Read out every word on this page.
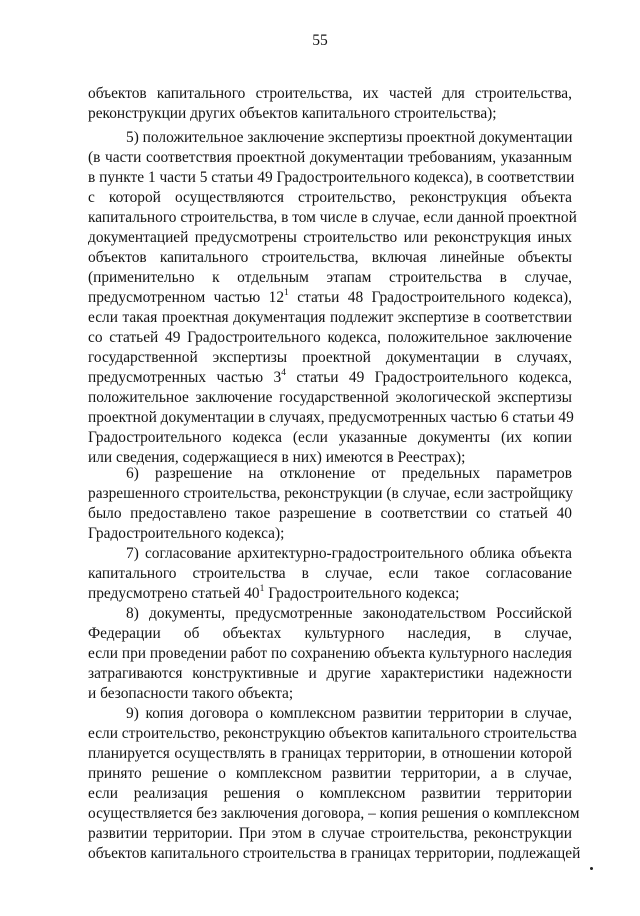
55
объектов капитального строительства, их частей для строительства,
реконструкции других объектов капитального строительства);
5) положительное заключение экспертизы проектной документации
(в части соответствия проектной документации требованиям, указанным
в пункте 1 части 5 статьи 49 Градостроительного кодекса), в соответствии
с которой осуществляются строительство, реконструкция объекта
капитального строительства, в том числе в случае, если данной проектной
документацией предусмотрены строительство или реконструкция иных
объектов капитального строительства, включая линейные объекты
(применительно к отдельным этапам строительства в случае,
предусмотренном частью $12^1$ статьи 48 Градостроительного кодекса),
если такая проектная документация подлежит экспертизе в соответствии
со статьей 49 Градостроительного кодекса, положительное заключение
государственной экспертизы проектной документации в случаях,
предусмотренных частью $3^4$ статьи 49 Градостроительного кодекса,
положительное заключение государственной экологической экспертизы
проектной документации в случаях, предусмотренных частью 6 статьи 49
Градостроительного кодекса (если указанные документы (их копии
или сведения, содержащиеся в них) имеются в Реестрах);
6) разрешение на отклонение от предельных параметров
разрешенного строительства, реконструкции (в случае, если застройщику
было предоставлено такое разрешение в соответствии со статьей 40
Градостроительного кодекса);
7) согласование архитектурно-градостроительного облика объекта
капитального строительства в случае, если такое согласование
предусмотрено статьей $40^1$ Градостроительного кодекса;
8) документы, предусмотренные законодательством Российской
Федерации об объектах культурного наследия, в случае,
если при проведении работ по сохранению объекта культурного наследия
затрагиваются конструктивные и другие характеристики надежности
и безопасности такого объекта;
9) копия договора о комплексном развитии территории в случае,
если строительство, реконструкцию объектов капитального строительства
планируется осуществлять в границах территории, в отношении которой
принято решение о комплексном развитии территории, а в случае,
если реализация решения о комплексном развитии территории
осуществляется без заключения договора, – копия решения о комплексном
развитии территории. При этом в случае строительства, реконструкции
объектов капитального строительства в границах территории, подлежащей
